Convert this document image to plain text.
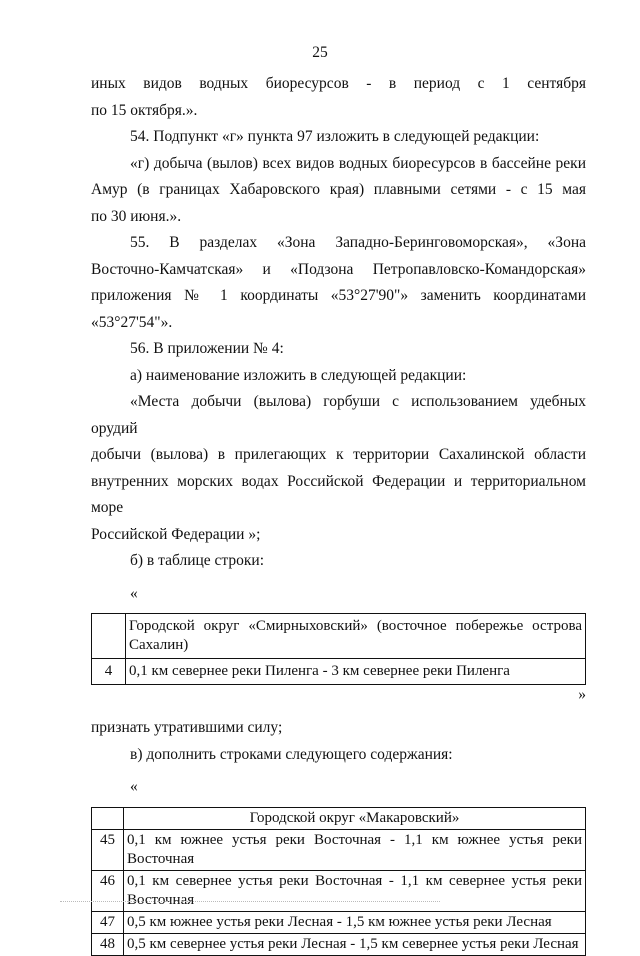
25

иных видов водных биоресурсов - в период с 1 сентября

по 15 октября.».

54. Подпункт «г» пункта 97 изложить в следующей редакции:

«г) добыча (вылов) всех видов водных биоресурсов в бассейне реки

Амур (в границах Хабаровского края) плавными сетями - с 15 мая

по 30 июня.».

55. В разделах «Зона Западно-Беринговоморская», «Зона

Восточно-Камчатская» и «Подзона Петропавловско-Командорская»

приложения № 1 координаты «53°27'90"» заменить координатами

«53°27'54"».

56. В приложении № 4:

а) наименование изложить в следующей редакции:

«Места добычи (вылова) горбуши с использованием удебных орудий

добычи (вылова) в прилегающих к территории Сахалинской области

внутренних морских водах Российской Федерации и территориальном море

Российской Федерации »;

б) в таблице строки:

«

	Городской округ «Смирныховский» (восточное побережье острова Сахалин)
4	0,1 км севернее реки Пиленга - 3 км севернее реки Пиленга

»

признать утратившими силу;

в) дополнить строками следующего содержания:

«

	Городской округ «Макаровский»
45	0,1 км южнее устья реки Восточная - 1,1 км южнее устья реки Восточная
46	0,1 км севернее устья реки Восточная - 1,1 км севернее устья реки Восточная
47	0,5 км южнее устья реки Лесная - 1,5 км южнее устья реки Лесная
48	0,5 км севернее устья реки Лесная - 1,5 км севернее устья реки Лесная
